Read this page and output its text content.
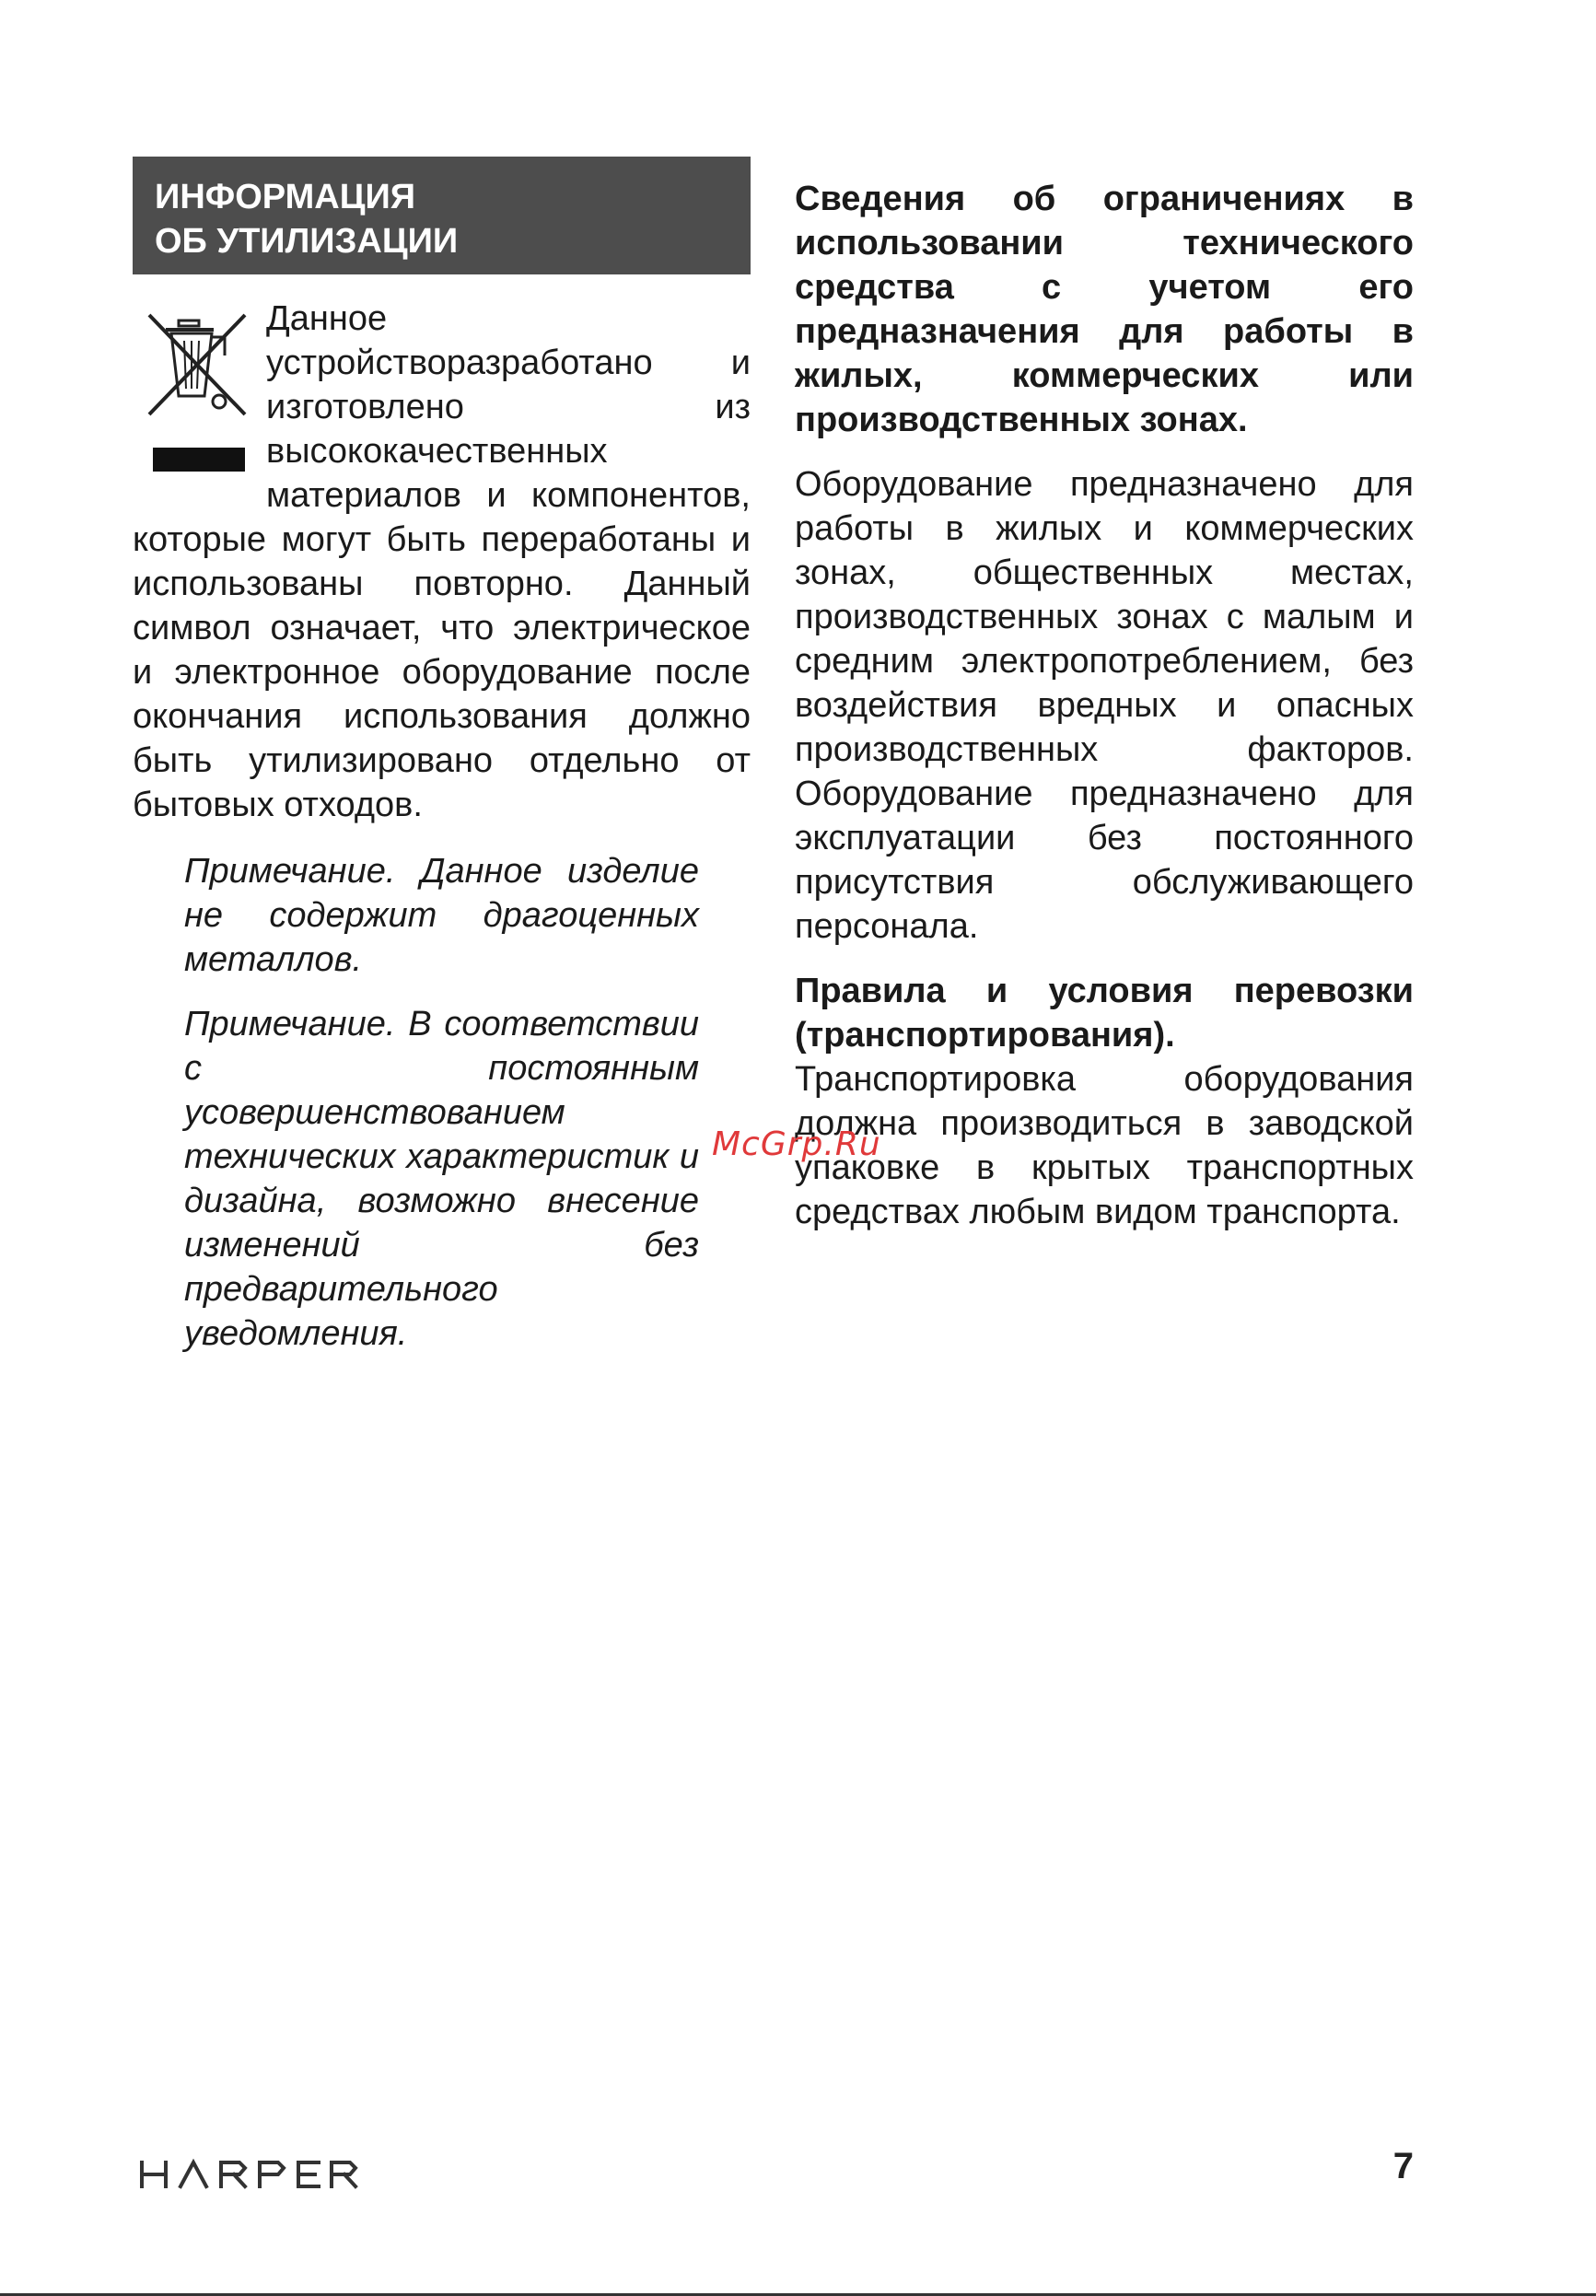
ИНФОРМАЦИЯ
ОБ УТИЛИЗАЦИИ

Данное устройстворазработано и изготовлено из высококачественных материалов и компонентов, которые могут быть переработаны и использованы повторно. Данный символ означает, что электрическое и электронное оборудование после окончания использования должно быть утилизировано отдельно от бытовых отходов.

Примечание. Данное изделие не содержит драгоценных металлов.

Примечание. В соответствии с постоянным усовершенствованием технических характеристик и дизайна, возможно внесение изменений без предварительного уведомления.

Сведения об ограничениях в использовании технического средства с учетом его предназначения для работы в жилых, коммерческих или производственных зонах.

Оборудование предназначено для работы в жилых и коммерческих зонах, общественных местах, производственных зонах с малым и средним электропотреблением, без воздействия вредных и опасных производственных факторов. Оборудование предназначено для эксплуатации без постоянного присутствия обслуживающего персонала.

Правила и условия перевозки (транспортирования). Транспортировка оборудования должна производиться в заводской упаковке в крытых транспортных средствах любым видом транспорта.

McGrp.Ru
7
